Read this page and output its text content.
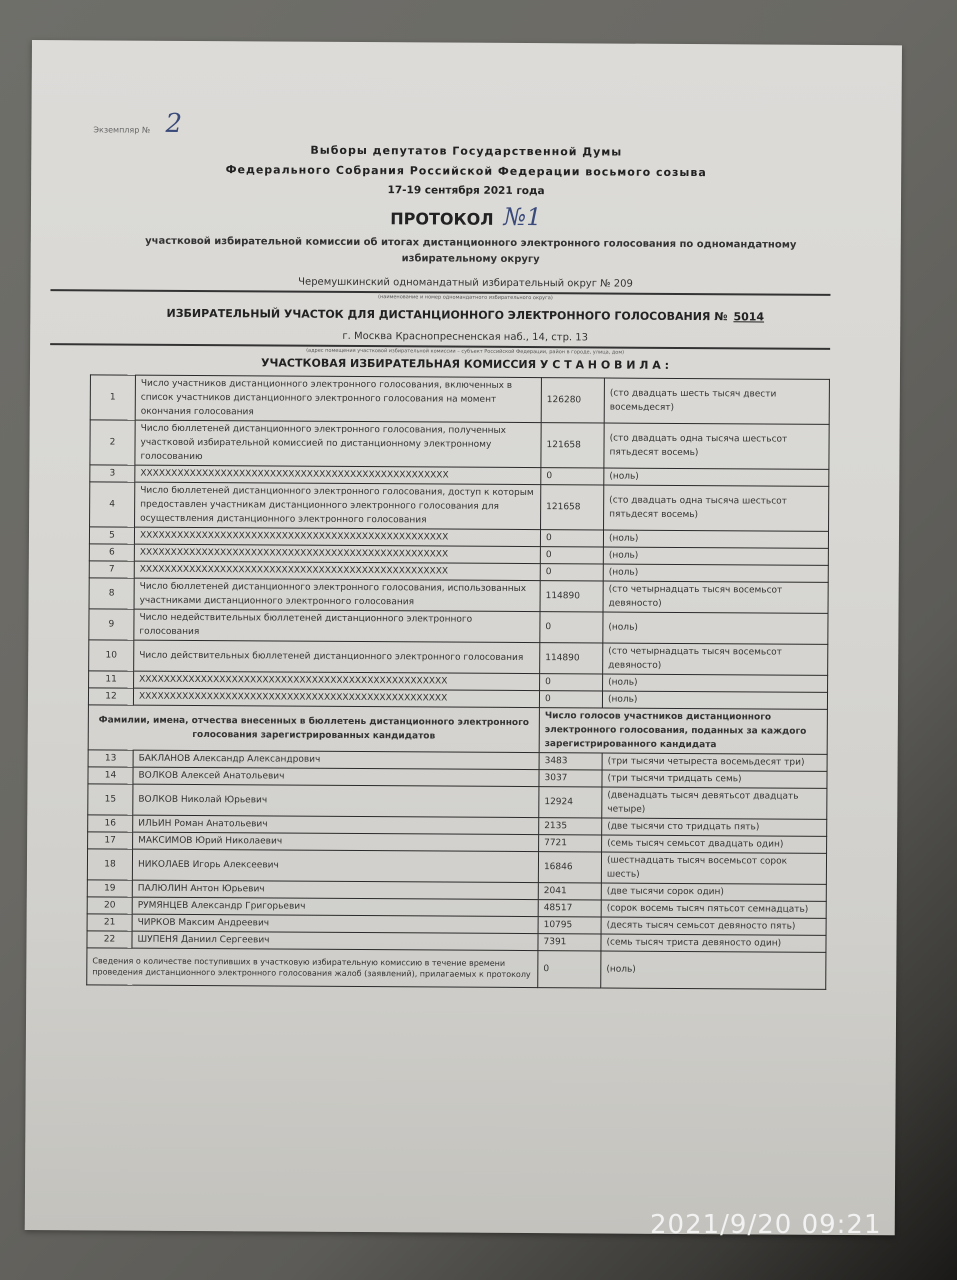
Экземпляр № 2
Выборы депутатов Государственной Думы
Федерального Собрания Российской Федерации восьмого созыва
17-19 сентября 2021 года
ПРОТОКОЛ №1
участковой избирательной комиссии об итогах дистанционного электронного голосования по одномандатному избирательному округу
Черемушкинский одномандатный избирательный округ № 209
(наименование и номер одномандатного избирательного округа)
ИЗБИРАТЕЛЬНЫЙ УЧАСТОК ДЛЯ ДИСТАНЦИОННОГО ЭЛЕКТРОННОГО ГОЛОСОВАНИЯ № 5014
г. Москва Краснопресненская наб., 14, стр. 13
(адрес помещения участковой избирательной комиссии – субъект Российской Федерации, район в городе, улица, дом)
УЧАСТКОВАЯ ИЗБИРАТЕЛЬНАЯ КОМИССИЯ У С Т А Н О В И Л А :
1	Число участников дистанционного электронного голосования, включенных в список участников дистанционного электронного голосования на момент окончания голосования	126280	(сто двадцать шесть тысяч двести восемьдесят)
2	Число бюллетеней дистанционного электронного голосования, полученных участковой избирательной комиссией по дистанционному электронному голосованию	121658	(сто двадцать одна тысяча шестьсот пятьдесят восемь)
3	XXXXXXXXXXXXXXXXXXXXXXXXXXXXXXXXXXXXXXXXXXXXXXXXXX	0	(ноль)
4	Число бюллетеней дистанционного электронного голосования, доступ к которым предоставлен участникам дистанционного электронного голосования для осуществления дистанционного электронного голосования	121658	(сто двадцать одна тысяча шестьсот пятьдесят восемь)
5	XXXXXXXXXXXXXXXXXXXXXXXXXXXXXXXXXXXXXXXXXXXXXXXXXX	0	(ноль)
6	XXXXXXXXXXXXXXXXXXXXXXXXXXXXXXXXXXXXXXXXXXXXXXXXXX	0	(ноль)
7	XXXXXXXXXXXXXXXXXXXXXXXXXXXXXXXXXXXXXXXXXXXXXXXXXX	0	(ноль)
8	Число бюллетеней дистанционного электронного голосования, использованных участниками дистанционного электронного голосования	114890	(сто четырнадцать тысяч восемьсот девяносто)
9	Число недействительных бюллетеней дистанционного электронного голосования	0	(ноль)
10	Число действительных бюллетеней дистанционного электронного голосования	114890	(сто четырнадцать тысяч восемьсот девяносто)
11	XXXXXXXXXXXXXXXXXXXXXXXXXXXXXXXXXXXXXXXXXXXXXXXXXX	0	(ноль)
12	XXXXXXXXXXXXXXXXXXXXXXXXXXXXXXXXXXXXXXXXXXXXXXXXXX	0	(ноль)
Фамилии, имена, отчества внесенных в бюллетень дистанционного электронного голосования зарегистрированных кандидатов		Число голосов участников дистанционного электронного голосования, поданных за каждого зарегистрированного кандидата	
13	БАКЛАНОВ Александр Александрович	3483	(три тысячи четыреста восемьдесят три)
14	ВОЛКОВ Алексей Анатольевич	3037	(три тысячи тридцать семь)
15	ВОЛКОВ Николай Юрьевич	12924	(двенадцать тысяч девятьсот двадцать четыре)
16	ИЛЬИН Роман Анатольевич	2135	(две тысячи сто тридцать пять)
17	МАКСИМОВ Юрий Николаевич	7721	(семь тысяч семьсот двадцать один)
18	НИКОЛАЕВ Игорь Алексеевич	16846	(шестнадцать тысяч восемьсот сорок шесть)
19	ПАЛЮЛИН Антон Юрьевич	2041	(две тысячи сорок один)
20	РУМЯНЦЕВ Александр Григорьевич	48517	(сорок восемь тысяч пятьсот семнадцать)
21	ЧИРКОВ Максим Андреевич	10795	(десять тысяч семьсот девяносто пять)
22	ШУПЕНЯ Даниил Сергеевич	7391	(семь тысяч триста девяносто один)
Сведения о количестве поступивших в участковую избирательную комиссию в течение времени проведения дистанционного электронного голосования жалоб (заявлений), прилагаемых к протоколу		0	(ноль)
2021/9/20 09:21
